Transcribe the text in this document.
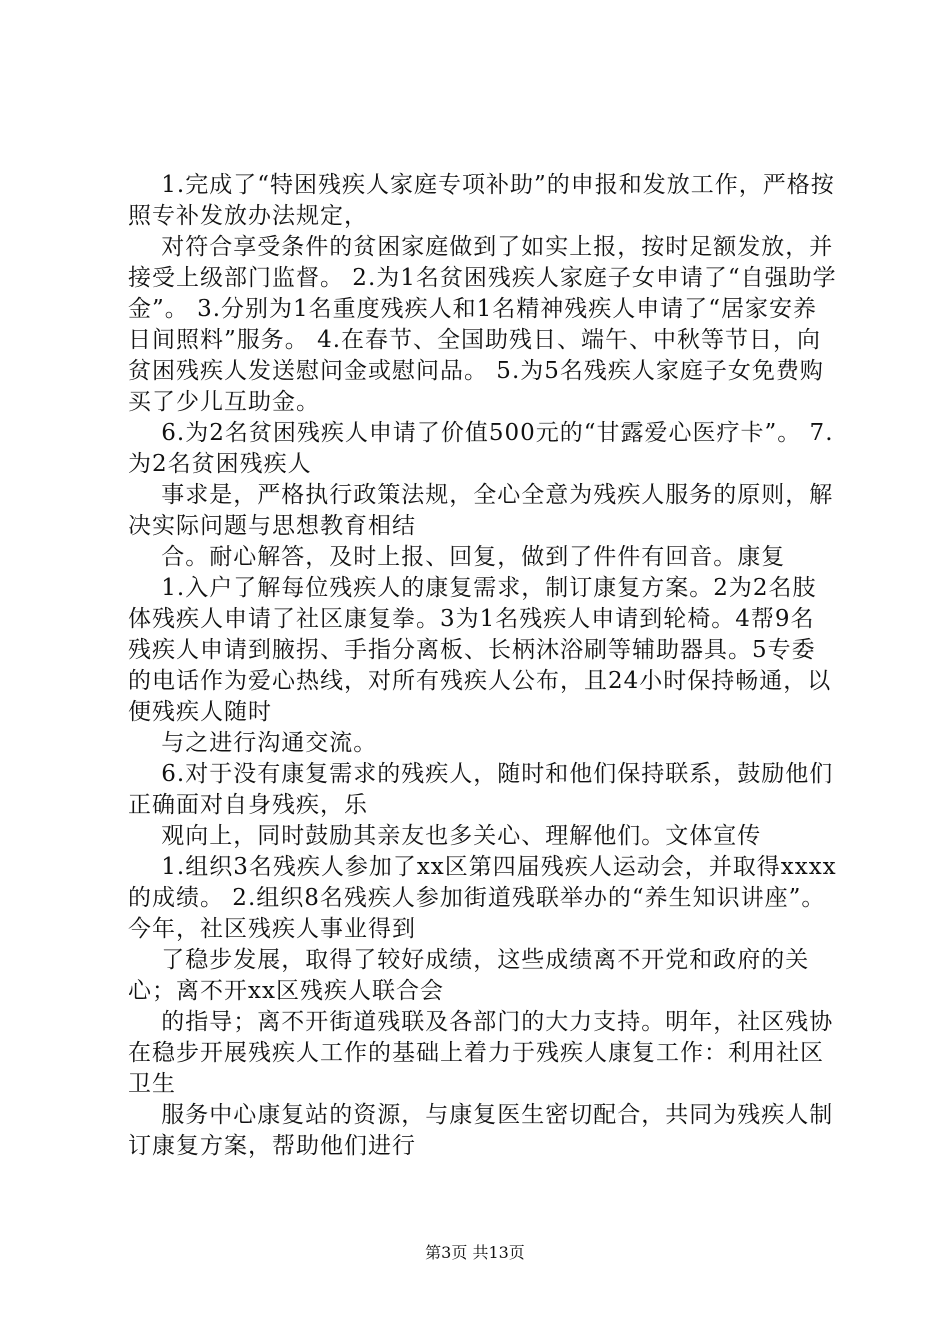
1.完成了“特困残疾人家庭专项补助”的申报和发放工作，严格按照专补发放办法规定，

对符合享受条件的贫困家庭做到了如实上报，按时足额发放，并接受上级部门监督。 2.为1名贫困残疾人家庭子女申请了“自强助学金”。 3.分别为1名重度残疾人和1名精神残疾人申请了“居家安养日间照料”服务。 4.在春节、全国助残日、端午、中秋等节日，向贫困残疾人发送慰问金或慰问品。 5.为5名残疾人家庭子女免费购买了少儿互助金。

6.为2名贫困残疾人申请了价值500元的“甘露爱心医疗卡”。 7.为2名贫困残疾人

事求是，严格执行政策法规，全心全意为残疾人服务的原则，解决实际问题与思想教育相结

合。耐心解答，及时上报、回复，做到了件件有回音。康复

1.入户了解每位残疾人的康复需求，制订康复方案。2为2名肢体残疾人申请了社区康复拳。3为1名残疾人申请到轮椅。4帮9名残疾人申请到腋拐、手指分离板、长柄沐浴刷等辅助器具。5专委的电话作为爱心热线，对所有残疾人公布，且24小时保持畅通，以便残疾人随时

与之进行沟通交流。

6.对于没有康复需求的残疾人，随时和他们保持联系，鼓励他们正确面对自身残疾，乐

观向上，同时鼓励其亲友也多关心、理解他们。文体宣传

1.组织3名残疾人参加了xx区第四届残疾人运动会，并取得xxxx的成绩。 2.组织8名残疾人参加街道残联举办的“养生知识讲座”。今年，社区残疾人事业得到

了稳步发展，取得了较好成绩，这些成绩离不开党和政府的关心；离不开xx区残疾人联合会

的指导；离不开街道残联及各部门的大力支持。明年，社区残协在稳步开展残疾人工作的基础上着力于残疾人康复工作：利用社区卫生

服务中心康复站的资源，与康复医生密切配合，共同为残疾人制订康复方案，帮助他们进行

第3页 共13页
